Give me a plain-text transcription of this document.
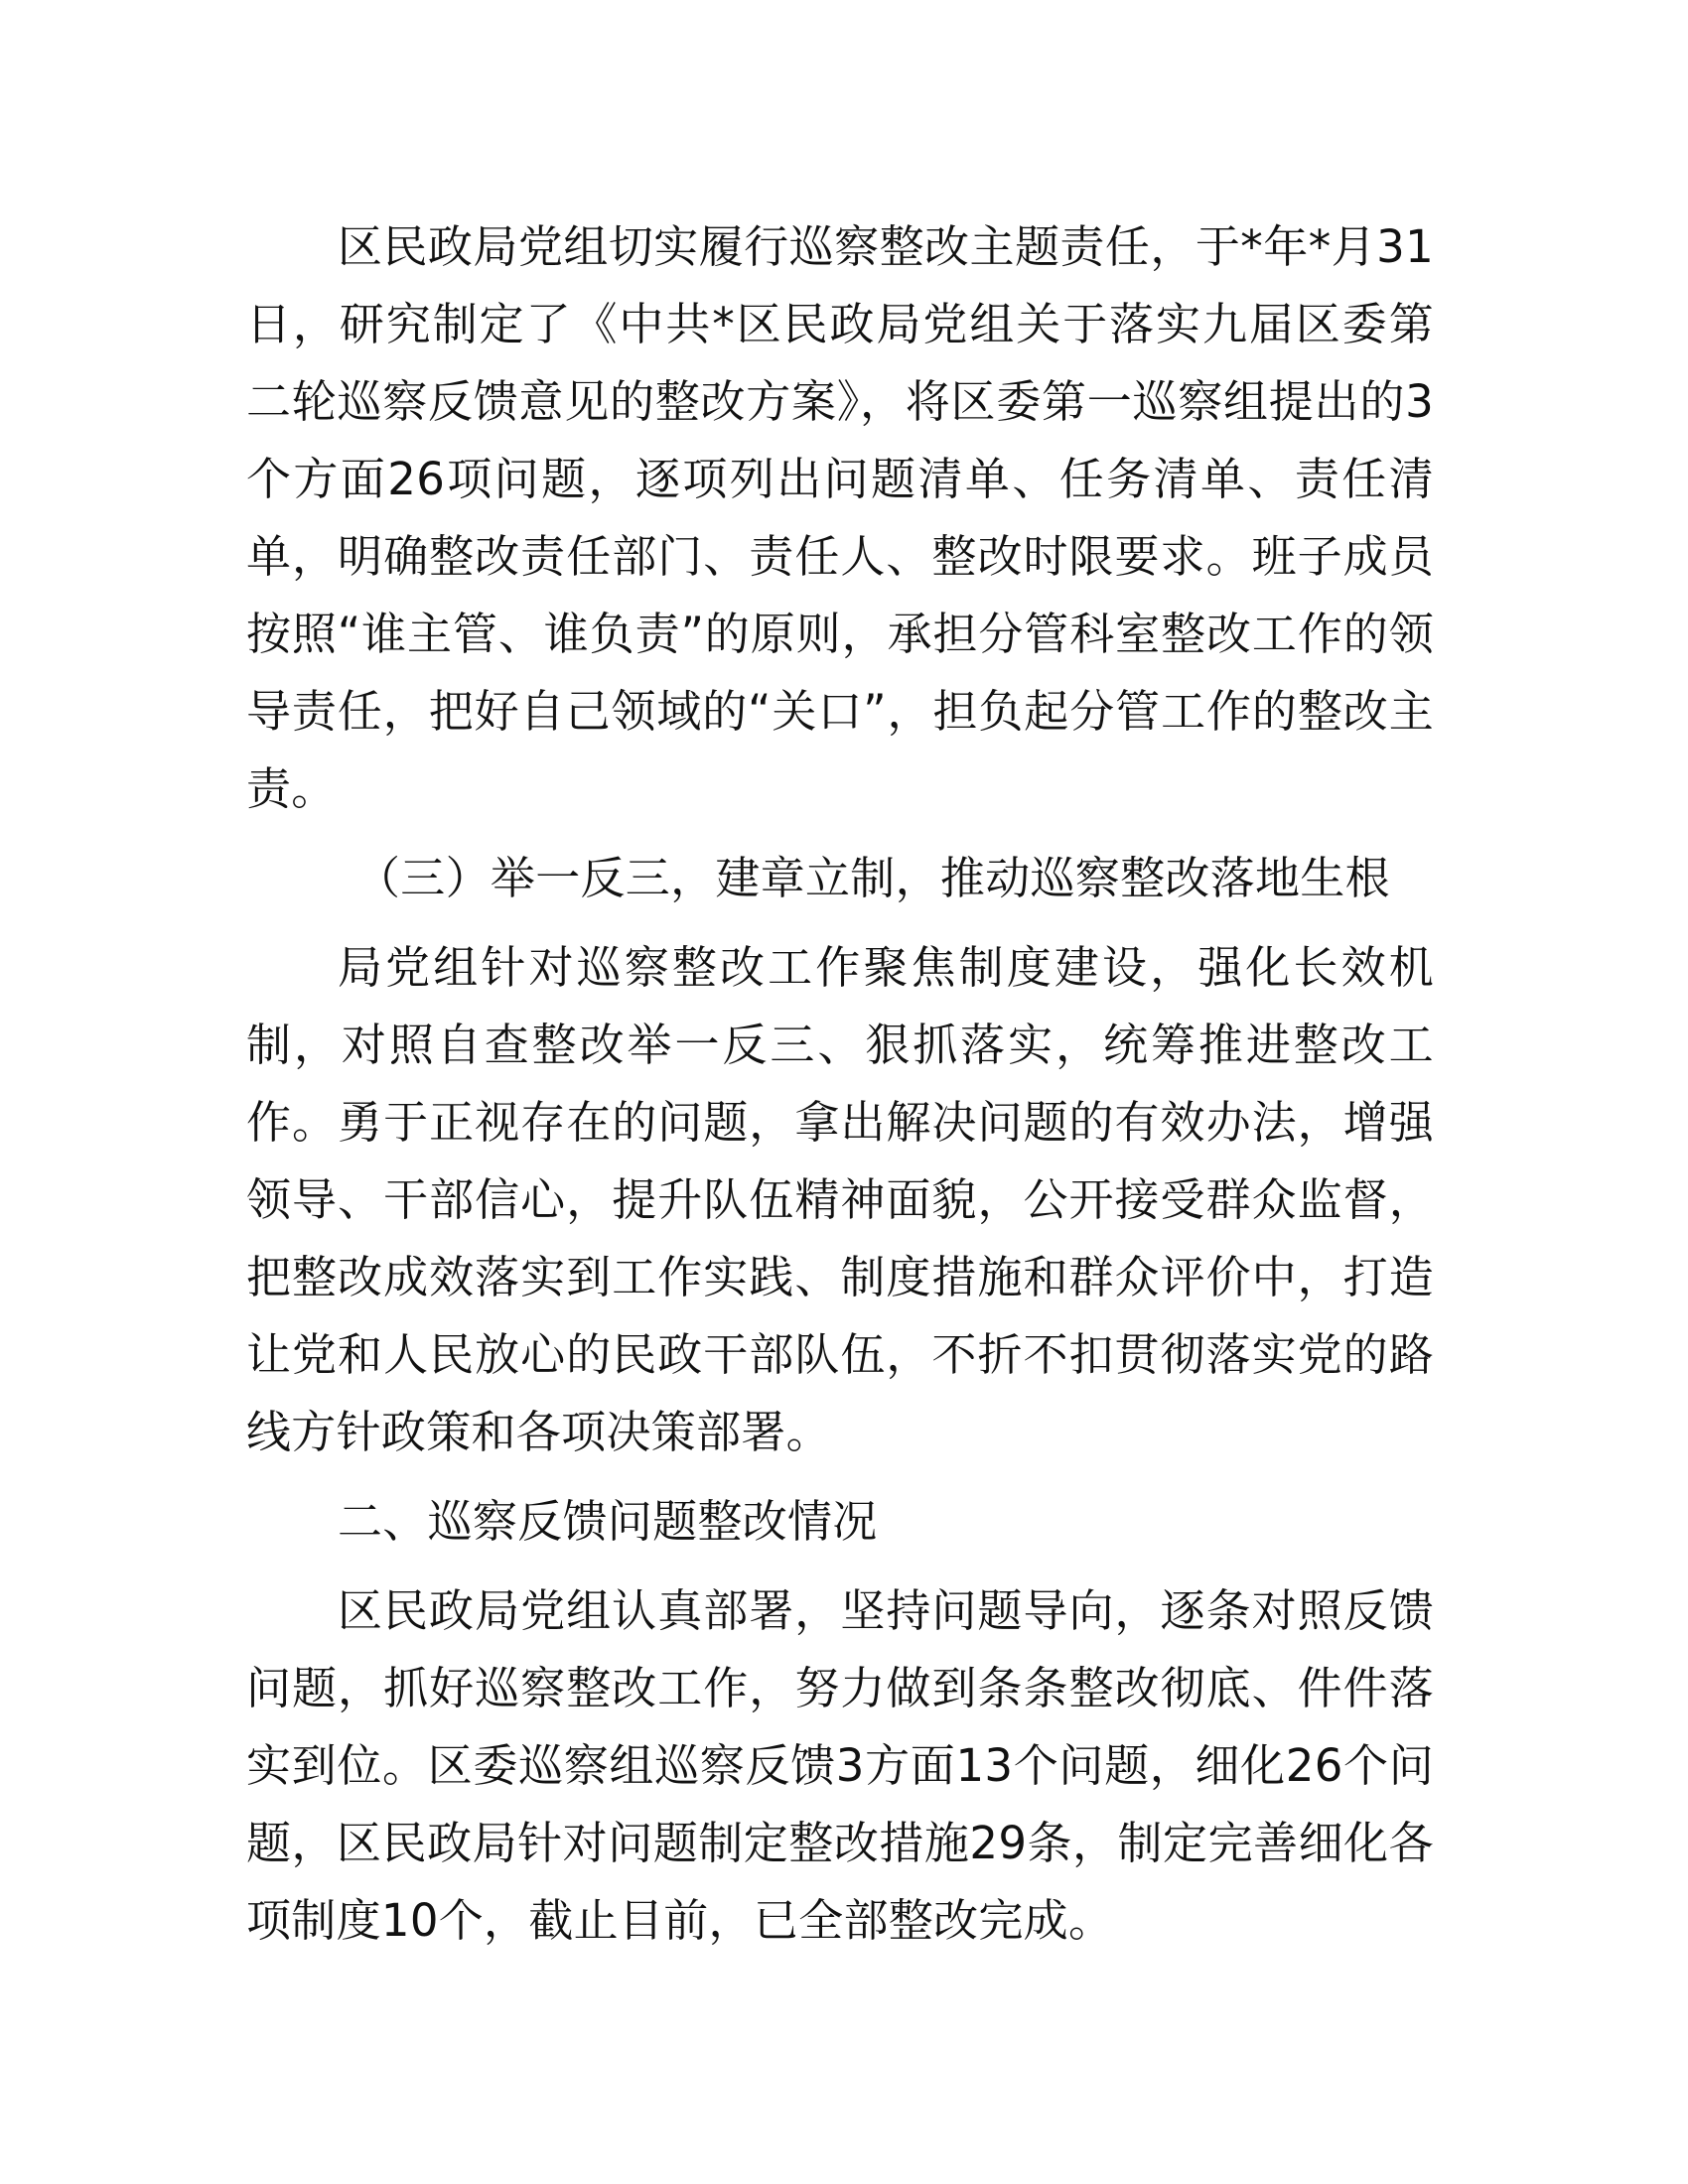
区民政局党组切实履行巡察整改主题责任，于*年*月31日，研究制定了《中共*区民政局党组关于落实九届区委第二轮巡察反馈意见的整改方案》，将区委第一巡察组提出的3个方面26项问题，逐项列出问题清单、任务清单、责任清单，明确整改责任部门、责任人、整改时限要求。班子成员按照“谁主管、谁负责”的原则，承担分管科室整改工作的领导责任，把好自己领域的“关口”，担负起分管工作的整改主责。

（三）举一反三，建章立制，推动巡察整改落地生根

局党组针对巡察整改工作聚焦制度建设，强化长效机制，对照自查整改举一反三、狠抓落实，统筹推进整改工作。勇于正视存在的问题，拿出解决问题的有效办法，增强领导、干部信心，提升队伍精神面貌，公开接受群众监督，把整改成效落实到工作实践、制度措施和群众评价中，打造让党和人民放心的民政干部队伍，不折不扣贯彻落实党的路线方针政策和各项决策部署。

二、巡察反馈问题整改情况

区民政局党组认真部署，坚持问题导向，逐条对照反馈问题，抓好巡察整改工作，努力做到条条整改彻底、件件落实到位。区委巡察组巡察反馈3方面13个问题，细化26个问题，区民政局针对问题制定整改措施29条，制定完善细化各项制度10个，截止目前，已全部整改完成。
